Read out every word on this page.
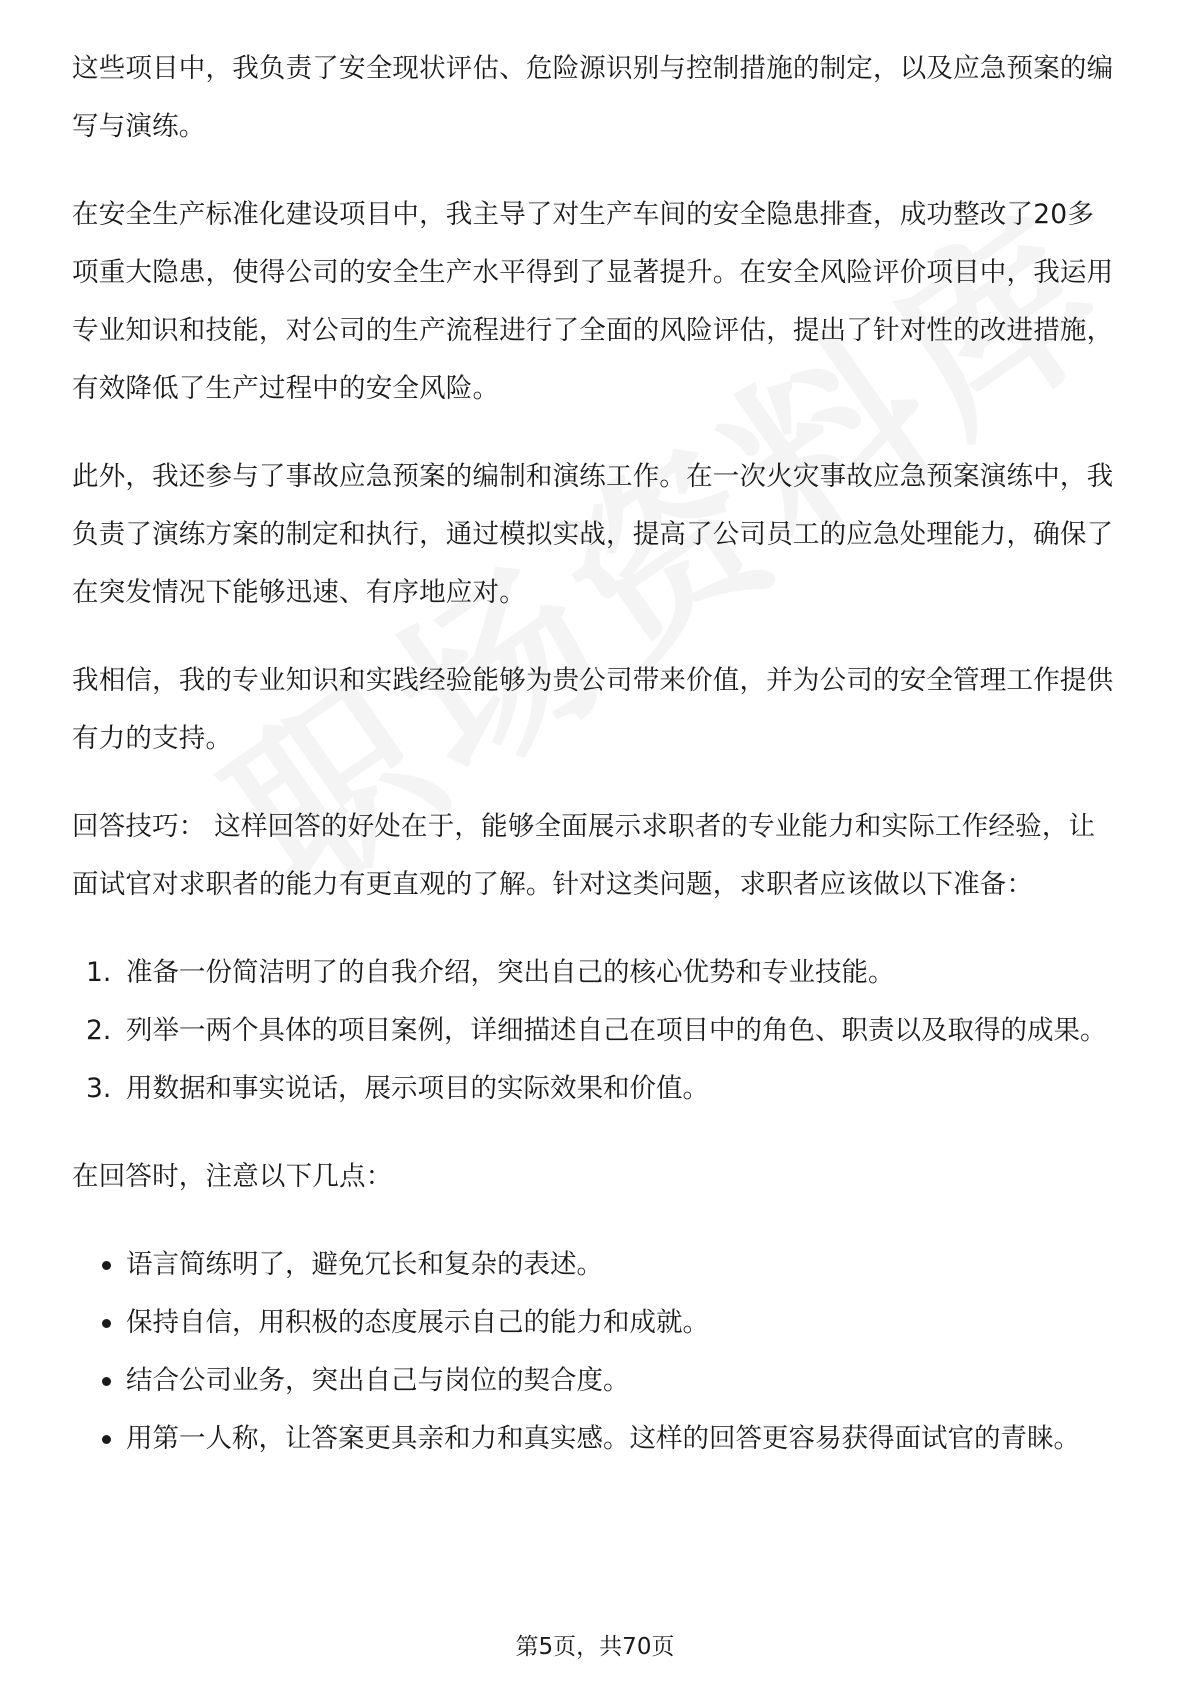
这些项目中，我负责了安全现状评估、危险源识别与控制措施的制定，以及应急预案的编写与演练。

在安全生产标准化建设项目中，我主导了对生产车间的安全隐患排查，成功整改了20多项重大隐患，使得公司的安全生产水平得到了显著提升。在安全风险评价项目中，我运用专业知识和技能，对公司的生产流程进行了全面的风险评估，提出了针对性的改进措施，有效降低了生产过程中的安全风险。

此外，我还参与了事故应急预案的编制和演练工作。在一次火灾事故应急预案演练中，我负责了演练方案的制定和执行，通过模拟实战，提高了公司员工的应急处理能力，确保了在突发情况下能够迅速、有序地应对。

我相信，我的专业知识和实践经验能够为贵公司带来价值，并为公司的安全管理工作提供有力的支持。

回答技巧： 这样回答的好处在于，能够全面展示求职者的专业能力和实际工作经验，让面试官对求职者的能力有更直观的了解。针对这类问题，求职者应该做以下准备：

1. 准备一份简洁明了的自我介绍，突出自己的核心优势和专业技能。
2. 列举一两个具体的项目案例，详细描述自己在项目中的角色、职责以及取得的成果。
3. 用数据和事实说话，展示项目的实际效果和价值。

在回答时，注意以下几点：

语言简练明了，避免冗长和复杂的表述。
保持自信，用积极的态度展示自己的能力和成就。
结合公司业务，突出自己与岗位的契合度。
用第一人称，让答案更具亲和力和真实感。这样的回答更容易获得面试官的青睐。
第5页，共70页
